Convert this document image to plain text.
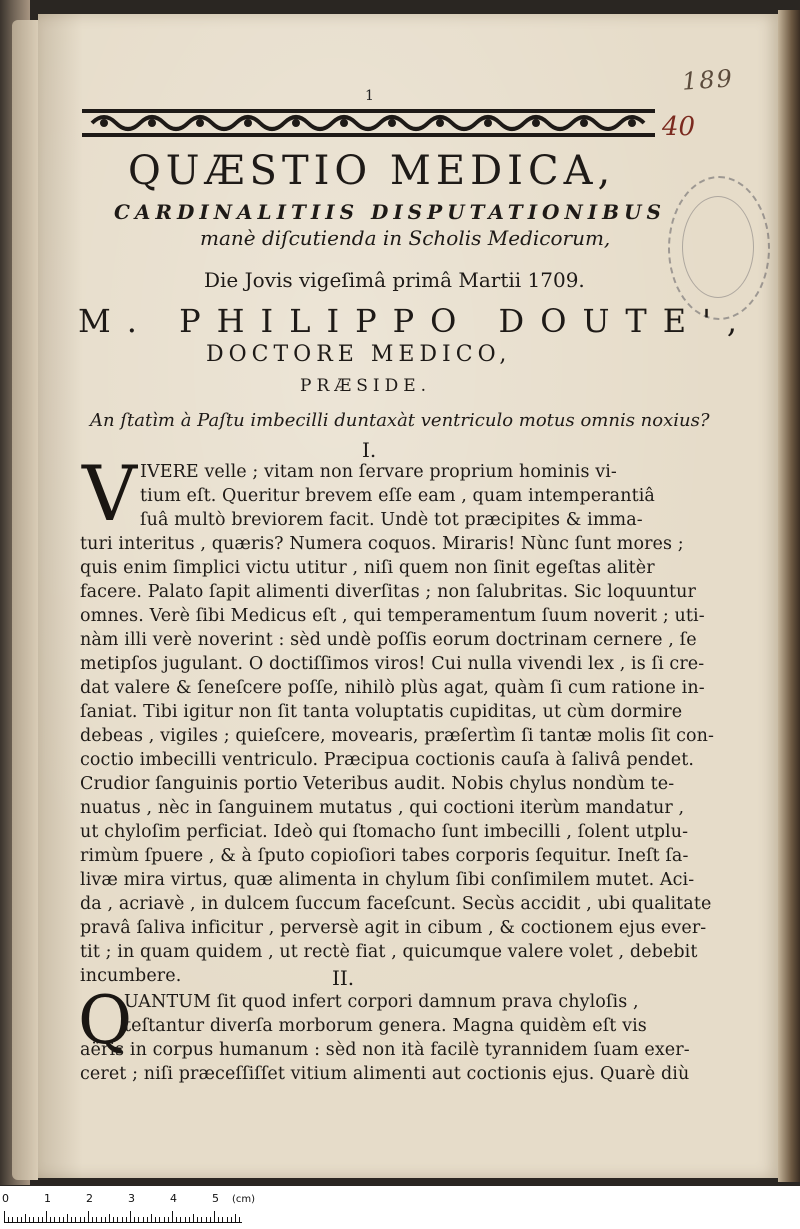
189
1
40
QUÆSTIO MEDICA,
CARDINALITIIS DISPUTATIONIBUS
manè diſcutienda in Scholis Medicorum,
Die Jovis vigeſimâ primâ Martii 1709.
M. PHILIPPO DOUTE',
DOCTORE MEDICO,
PRÆSIDE.
An ſtatìm à Paſtu imbecilli duntaxàt ventriculo motus omnis noxius?
I.
V IVERE velle ; vitam non ſervare proprium hominis vi-
tium eſt. Queritur brevem eſſe eam , quam intemperantiâ
ſuâ multò breviorem facit. Undè tot præcipites & imma-
turi interitus , quæris? Numera coquos. Miraris! Nùnc ſunt mores ;
quis enim ſimplici victu utitur , niſi quem non ſinit egeſtas alitèr
facere. Palato ſapit alimenti diverſitas ; non ſalubritas. Sic loquuntur
omnes. Verè ſibi Medicus eſt , qui temperamentum ſuum noverit ; uti-
nàm illi verè noverint : sèd undè poſſis eorum doctrinam cernere , ſe
metipſos jugulant. O doctiſſimos viros! Cui nulla vivendi lex , is ſi cre-
dat valere & ſeneſcere poſſe, nihilò plùs agat, quàm ſi cum ratione in-
ſaniat. Tibi igitur non ſit tanta voluptatis cupiditas, ut cùm dormire
debeas , vigiles ; quieſcere, movearis, præſertìm ſi tantæ molis ſit con-
coctio imbecilli ventriculo. Præcipua coctionis cauſa à ſalivâ pendet.
Crudior ſanguinis portio Veteribus audit. Nobis chylus nondùm te-
nuatus , nèc in ſanguinem mutatus , qui coctioni iterùm mandatur ,
ut chyloſim perficiat. Ideò qui ſtomacho ſunt imbecilli , ſolent utplu-
rimùm ſpuere , & à ſputo copioſiori tabes corporis ſequitur. Ineſt ſa-
livæ mira virtus, quæ alimenta in chylum ſibi conſimilem mutet. Aci-
da , acriavè , in dulcem ſuccum faceſcunt. Secùs accidit , ubi qualitate
pravâ ſaliva inficitur , perversè agit in cibum , & coctionem ejus ever-
tit ; in quam quidem , ut rectè fiat , quicumque valere volet , debebit
incumbere.	II.
Q
UANTUM ſit quod infert corpori damnum prava chyloſis ,
teſtantur diverſa morborum genera. Magna quidèm eſt vis
aëris in corpus humanum : sèd non ità facilè tyrannidem ſuam exer-
ceret ; niſi præceſſiſſet vitium alimenti aut coctionis ejus. Quarè diù
0	1	2	3	4	5 (cm)
